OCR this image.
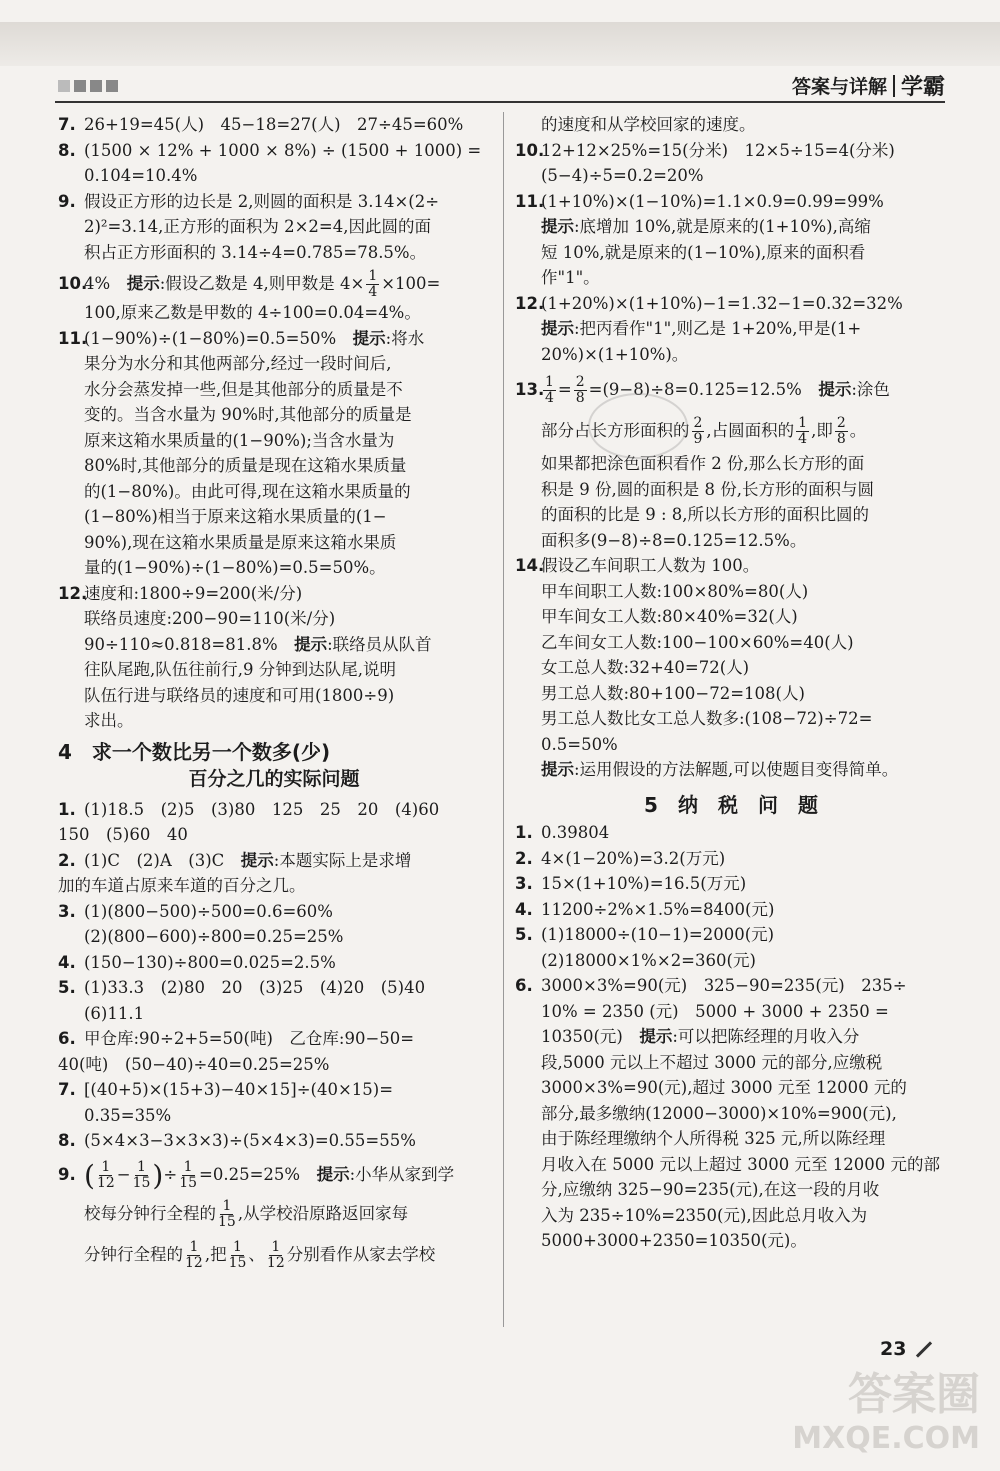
答案与详解 学霸
7. 26+19=45(人)　45−18=27(人)　27÷45=60%
8. (1500 × 12% + 1000 × 8%) ÷ (1500 + 1000) =
0.104=10.4%
9. 假设正方形的边长是 2,则圆的面积是 3.14×(2÷
2)²=3.14,正方形的面积为 2×2=4,因此圆的面
积占正方形面积的 3.14÷4=0.785=78.5%。
10.4%　提示:假设乙数是 4,则甲数是 $4\times \frac{1}{4} \times 100=$
100,原来乙数是甲数的 4÷100=0.04=4%。
11.(1−90%)÷(1−80%)=0.5=50%　提示:将水
果分为水分和其他两部分,经过一段时间后,
水分会蒸发掉一些,但是其他部分的质量是不
变的。当含水量为 90%时,其他部分的质量是
原来这箱水果质量的(1−90%);当含水量为
80%时,其他部分的质量是现在这箱水果质量
的(1−80%)。由此可得,现在这箱水果质量的
(1−80%)相当于原来这箱水果质量的(1−
90%),现在这箱水果质量是原来这箱水果质
量的(1−90%)÷(1−80%)=0.5=50%。
12.速度和:1800÷9=200(米/分)
联络员速度:200−90=110(米/分)
90÷110≈0.818=81.8%　提示:联络员从队首
往队尾跑,队伍往前行,9 分钟到达队尾,说明
队伍行进与联络员的速度和可用(1800÷9)
求出。
4　求一个数比另一个数多(少)
百分之几的实际问题
1. (1)18.5　(2)5　(3)80　125　25　20　(4)60
150　(5)60　40
2. (1)C　(2)A　(3)C　提示:本题实际上是求增
加的车道占原来车道的百分之几。
3. (1)(800−500)÷500=0.6=60%
(2)(800−600)÷800=0.25=25%
4. (150−130)÷800=0.025=2.5%
5. (1)33.3　(2)80　20　(3)25　(4)20　(5)40
(6)11.1
6. 甲仓库:90÷2+5=50(吨)　乙仓库:90−50=
40(吨)　(50−40)÷40=0.25=25%
7. [(40+5)×(15+3)−40×15]÷(40×15)=
0.35=35%
8. (5×4×3−3×3×3)÷(5×4×3)=0.55=55%
9. ( $\frac{1}{12} - \frac{1}{15}$ )÷ $\frac{1}{15} =0.25=25\%$　提示:小华从家到学
校每分钟行全程的 $\frac{1}{15}$ ,从学校沿原路返回家每
分钟行全程的 $\frac{1}{12}$ ,把 $\frac{1}{15}$ 、 $\frac{1}{12}$ 分别看作从家去学校
的速度和从学校回家的速度。
10.12+12×25%=15(分米)　12×5÷15=4(分米)
(5−4)÷5=0.2=20%
11.(1+10%)×(1−10%)=1.1×0.9=0.99=99%
提示:底增加 10%,就是原来的(1+10%),高缩
短 10%,就是原来的(1−10%),原来的面积看
作"1"。
12.(1+20%)×(1+10%)−1=1.32−1=0.32=32%
提示:把丙看作"1",则乙是 1+20%,甲是(1+
20%)×(1+10%)。
13.
$\frac{1}{4} = \frac{2}{8} =(9-8)\div 8=0.125=12.5\%$　提示:涂色
部分占长方形面积的 $\frac{2}{9}$ ,占圆面积的 $\frac{1}{4}$ ,即 $\frac{2}{8}$ 。
如果都把涂色面积看作 2 份,那么长方形的面
积是 9 份,圆的面积是 8 份,长方形的面积与圆
的面积的比是 9 : 8,所以长方形的面积比圆的
面积多(9−8)÷8=0.125=12.5%。
14.假设乙车间职工人数为 100。
甲车间职工人数:100×80%=80(人)
甲车间女工人数:80×40%=32(人)
乙车间女工人数:100−100×60%=40(人)
女工总人数:32+40=72(人)
男工总人数:80+100−72=108(人)
男工总人数比女工总人数多:(108−72)÷72=
0.5=50%
提示:运用假设的方法解题,可以使题目变得简单。
5　纳　税　问　题
1. 0.39804
2. 4×(1−20%)=3.2(万元)
3. 15×(1+10%)=16.5(万元)
4. 11200÷2%×1.5%=8400(元)
5. (1)18000÷(10−1)=2000(元)
(2)18000×1%×2=360(元)
6. 3000×3%=90(元)　325−90=235(元)　235÷
10% = 2350 (元)　5000 + 3000 + 2350 =
10350(元)　提示:可以把陈经理的月收入分
段,5000 元以上不超过 3000 元的部分,应缴税
3000×3%=90(元),超过 3000 元至 12000 元的
部分,最多缴纳(12000−3000)×10%=900(元),
由于陈经理缴纳个人所得税 325 元,所以陈经理
月收入在 5000 元以上超过 3000 元至 12000 元的部
分,应缴纳 325−90=235(元),在这一段的月收
入为 235÷10%=2350(元),因此总月收入为
5000+3000+2350=10350(元)。
23
答案圈
MXQE.COM
